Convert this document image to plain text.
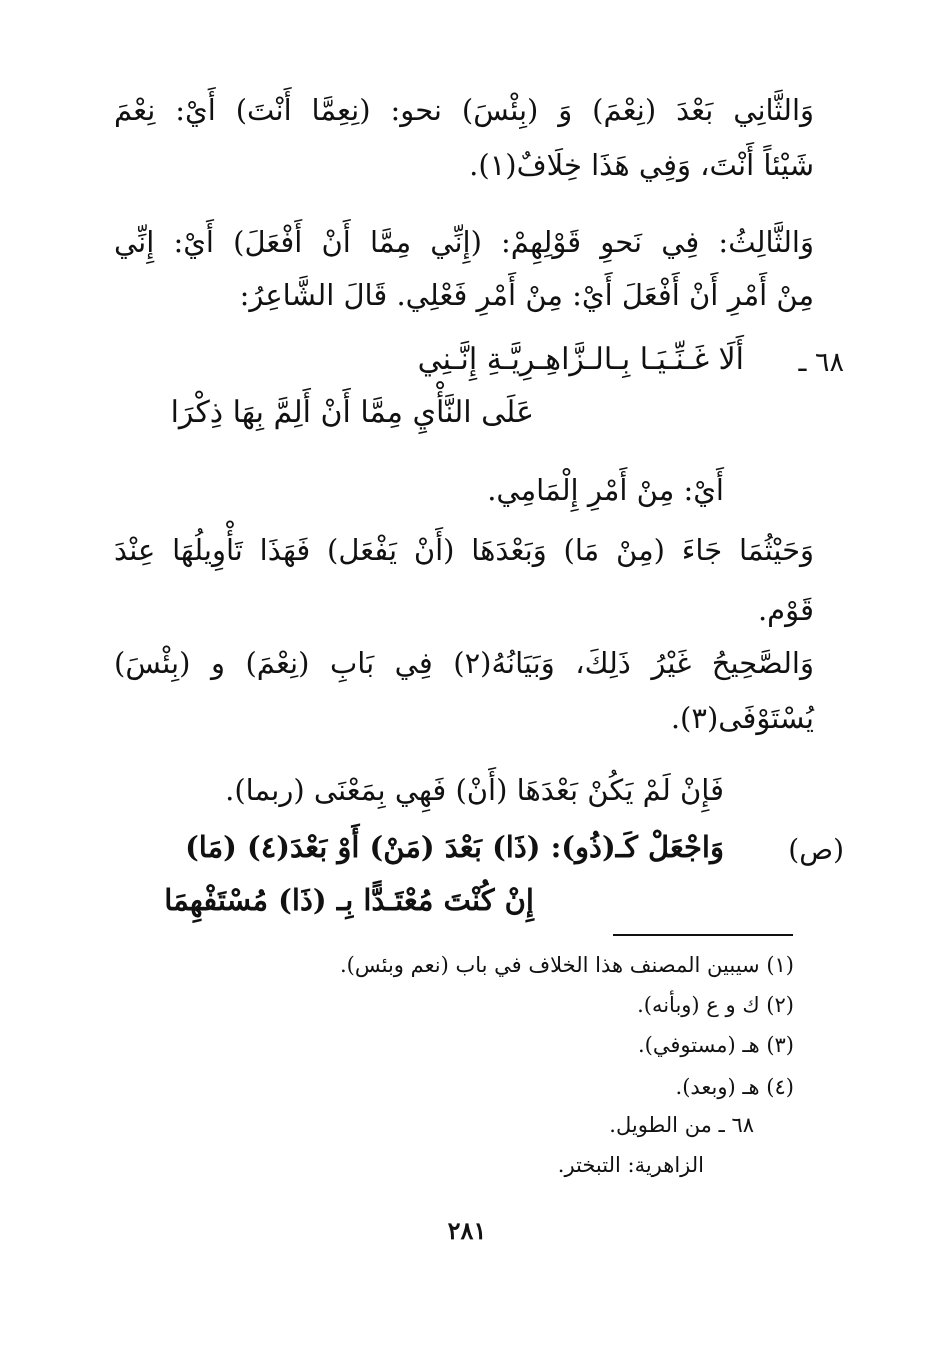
وَالثَّانِي بَعْدَ (نِعْمَ) وَ (بِئْسَ) نحو: (نِعِمَّا أَنْتَ) أَيْ: نِعْمَ
شَيْئاً أَنْتَ، وَفِي هَذَا خِلَافٌ(١).
وَالثَّالِثُ: فِي نَحوِ قَوْلِهِمْ: (إِنِّي مِمَّا أَنْ أَفْعَلَ) أَيْ: إِنِّي
مِنْ أَمْرِ أَنْ أَفْعَلَ أَيْ: مِنْ أَمْرِ فَعْلِي. قَالَ الشَّاعِرُ:
٦٨ ـ
أَلَا غَـنِّـيَـا بِـالـزَّاهِـرِيَّـةِ إِنَّـنِي
عَلَى النَّأْيِ مِمَّا أَنْ أَلِمَّ بِهَا ذِكْرَا
أَيْ: مِنْ أَمْرِ إِلْمَامِي.
وَحَيْثُمَا جَاءَ (مِنْ مَا) وَبَعْدَهَا (أَنْ يَفْعَل) فَهَذَا تَأْوِيلُهَا عِنْدَ
قَوْم.
وَالصَّحِيحُ غَيْرُ ذَلِكَ، وَبَيَانُهُ(٢) فِي بَابِ (نِعْمَ) و (بِئْسَ)
يُسْتَوْفَى(٣).
فَإِنْ لَمْ يَكُنْ بَعْدَهَا (أَنْ) فَهِي بِمَعْنَى (ربما).
(ص)
وَاجْعَلْ كَـ(ذُو): (ذَا) بَعْدَ (مَنْ) أَوْ بَعْدَ(٤) (مَا)
إِنْ كُنْتَ مُعْتَـدًّا بِـ (ذَا) مُسْتَفْهِمَا
(١) سيبين المصنف هذا الخلاف في باب (نعم وبئس).
(٢) ك و ع (وبأنه).
(٣) هـ (مستوفي).
(٤) هـ (وبعد).
٦٨ ـ من الطويل.
الزاهرية: التبختر.
٢٨١
